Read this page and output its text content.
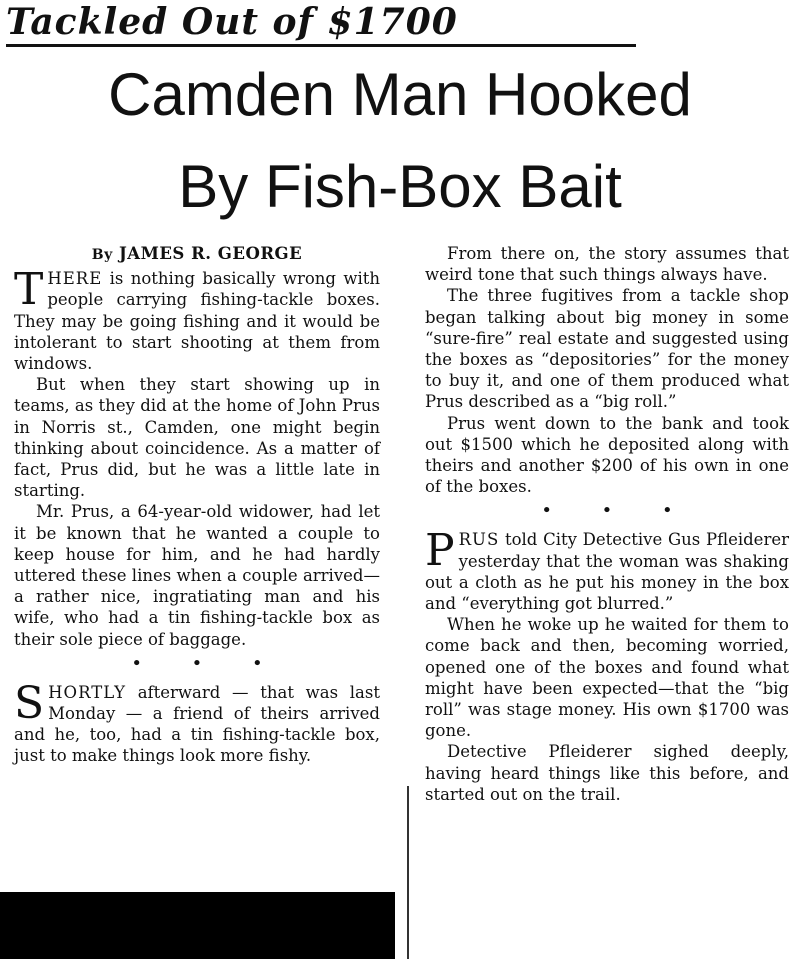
Tackled Out of $1700
Camden Man Hooked
By Fish-Box Bait
By JAMES R. GEORGE

THERE is nothing basically wrong with people carrying fishing-tackle boxes. They may be going fishing and it would be intolerant to start shooting at them from windows.

But when they start showing up in teams, as they did at the home of John Prus in Norris st., Camden, one might begin thinking about coincidence. As a matter of fact, Prus did, but he was a little late in starting.

Mr. Prus, a 64-year-old widower, had let it be known that he wanted a couple to keep house for him, and he had hardly uttered these lines when a couple arrived—a rather nice, ingratiating man and his wife, who had a tin fishing-tackle box as their sole piece of baggage.

• • •

SHORTLY afterward — that was last Monday — a friend of theirs arrived and he, too, had a tin fishing-tackle box, just to make things look more fishy.

From there on, the story assumes that weird tone that such things always have.

The three fugitives from a tackle shop began talking about big money in some “sure-fire” real estate and suggested using the boxes as “depositories” for the money to buy it, and one of them produced what Prus described as a “big roll.”

Prus went down to the bank and took out $1500 which he deposited along with theirs and another $200 of his own in one of the boxes.

• • •

PRUS told City Detective Gus Pfleiderer yesterday that the woman was shaking out a cloth as he put his money in the box and “everything got blurred.”

When he woke up he waited for them to come back and then, becoming worried, opened one of the boxes and found what might have been expected—that the “big roll” was stage money. His own $1700 was gone.

Detective Pfleiderer sighed deeply, having heard things like this before, and started out on the trail.
